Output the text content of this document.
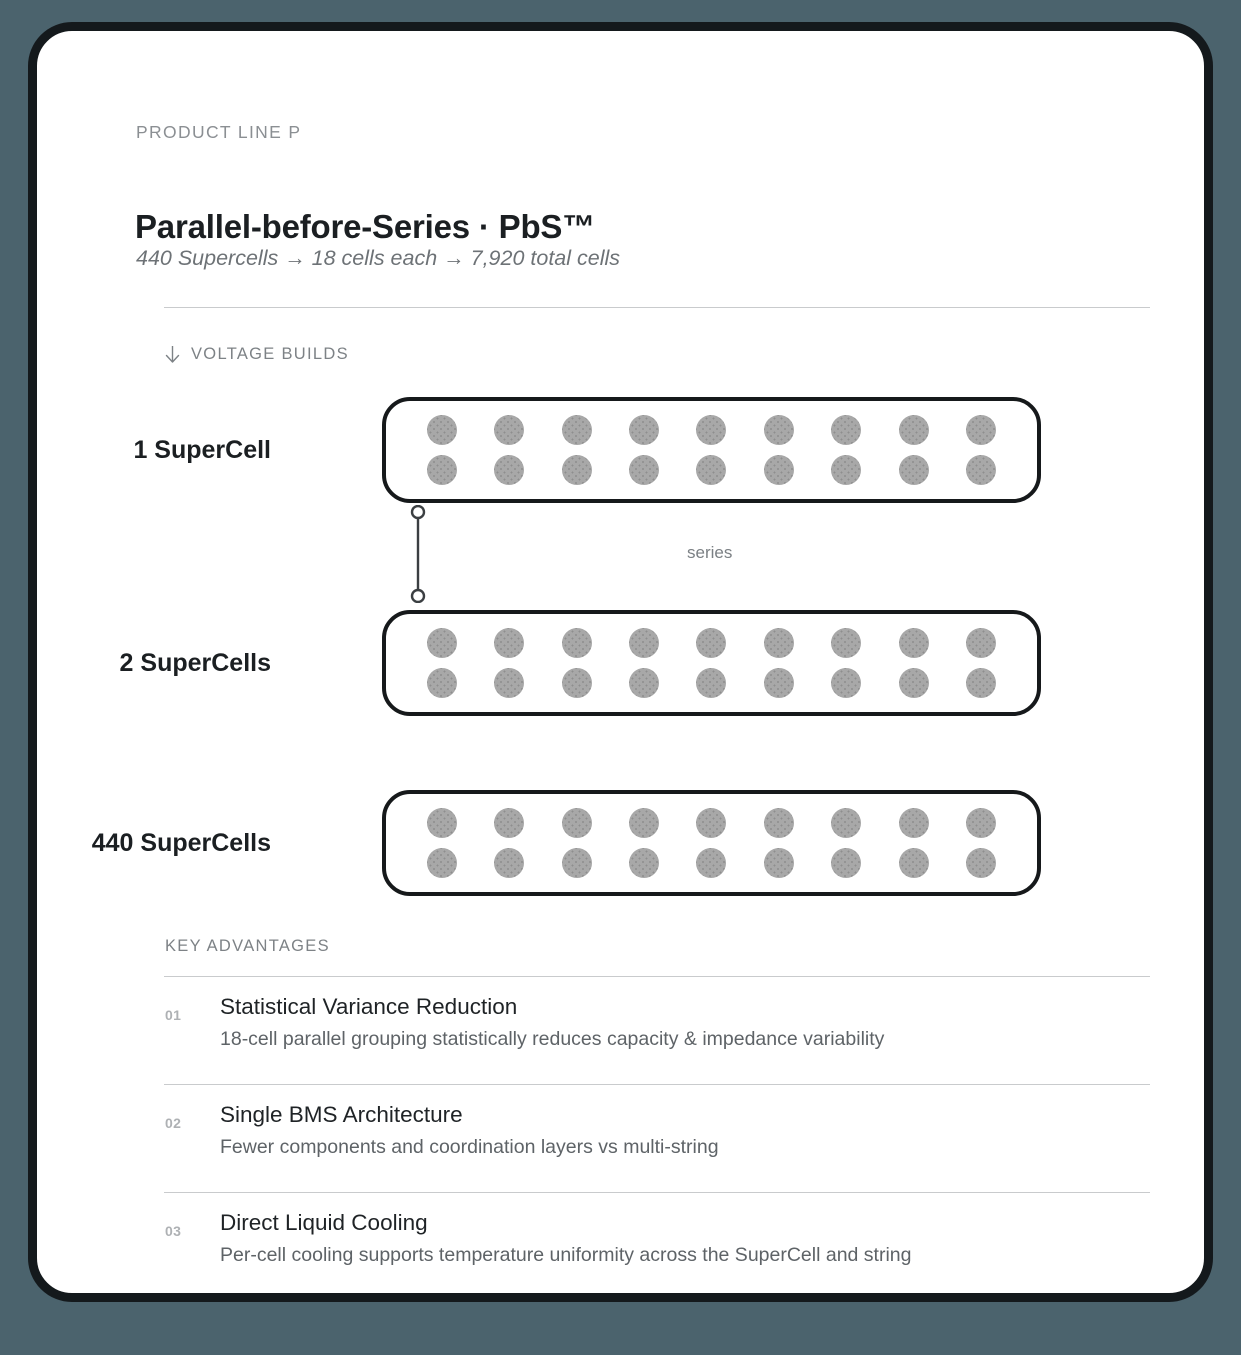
PRODUCT LINE P
Parallel-before-Series · PbS™
440 Supercells → 18 cells each → 7,920 total cells
VOLTAGE BUILDS
1 SuperCell
series
2 SuperCells
440 SuperCells
KEY ADVANTAGES
01 Statistical Variance Reduction
18-cell parallel grouping statistically reduces capacity & impedance variability
02 Single BMS Architecture
Fewer components and coordination layers vs multi-string
03 Direct Liquid Cooling
Per-cell cooling supports temperature uniformity across the SuperCell and string
